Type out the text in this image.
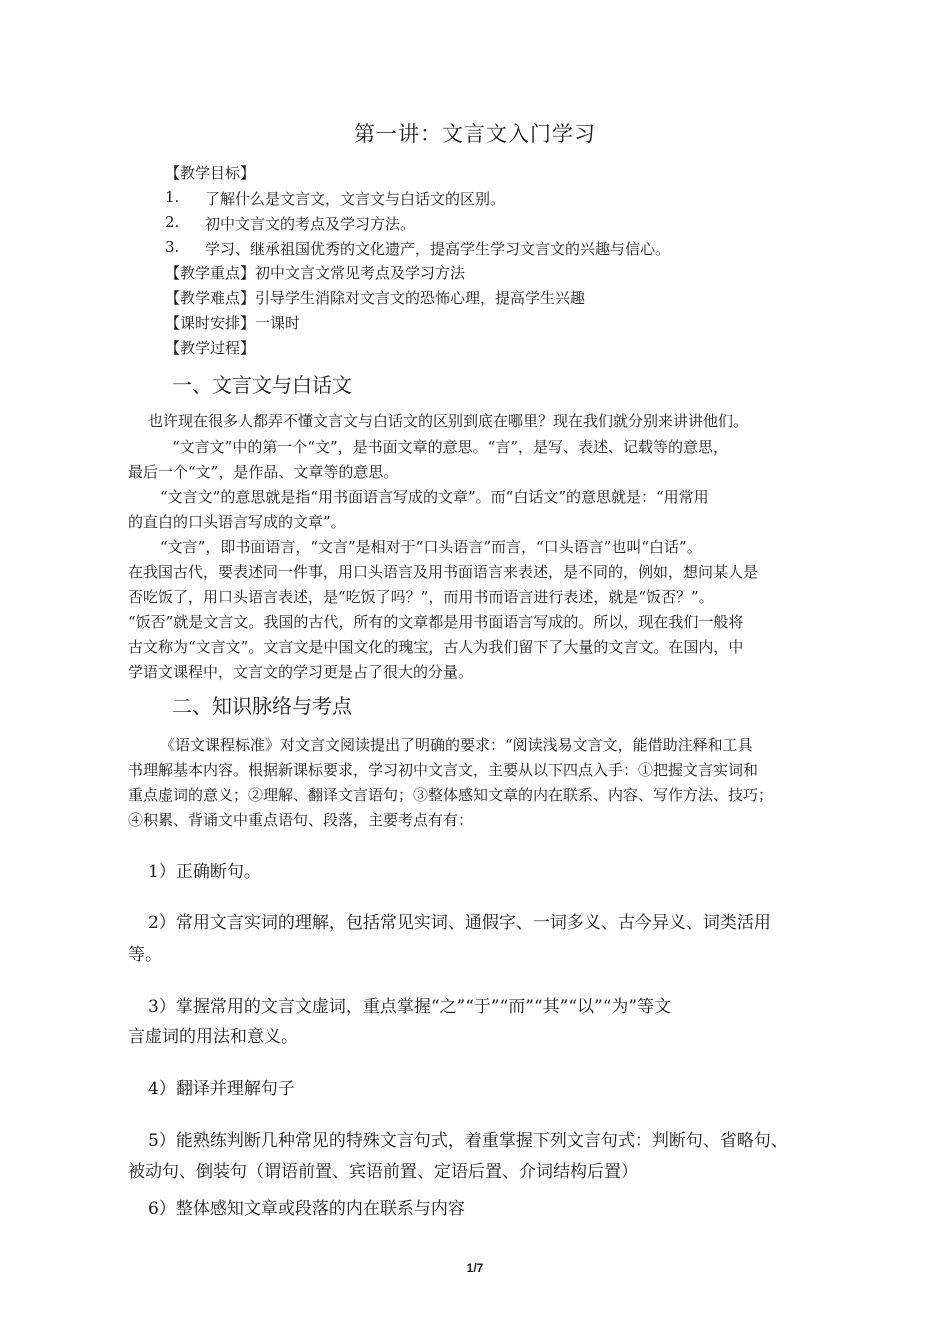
第一讲：文言文入门学习
【教学目标】
1. 了解什么是文言文，文言文与白话文的区别。
2. 初中文言文的考点及学习方法。
3. 学习、继承祖国优秀的文化遗产，提高学生学习文言文的兴趣与信心。
【教学重点】初中文言文常见考点及学习方法
【教学难点】引导学生消除对文言文的恐怖心理，提高学生兴趣
【课时安排】一课时
【教学过程】
一、文言文与白话文
也许现在很多人都弄不懂文言文与白话文的区别到底在哪里？现在我们就分别来讲讲他们。
“文言文”中的第一个“文”，是书面文章的意思。“言”，是写、表述、记载等的意思，
最后一个“文”，是作品、文章等的意思。
“文言文”的意思就是指“用书面语言写成的文章”。而“白话文”的意思就是：“用常用
的直白的口头语言写成的文章”。
“文言”，即书面语言，“文言”是相对于“口头语言”而言，“口头语言”也叫“白话”。
在我国古代，要表述同一件事，用口头语言及用书面语言来表述，是不同的，例如，想问某人是
否吃饭了，用口头语言表述，是“吃饭了吗？”，而用书而语言进行表述，就是“饭否？”。
“饭否”就是文言文。我国的古代，所有的文章都是用书面语言写成的。所以，现在我们一般将
古文称为“文言文”。文言文是中国文化的瑰宝，古人为我们留下了大量的文言文。在国内，中
学语文课程中，文言文的学习更是占了很大的分量。
二、知识脉络与考点
《语文课程标准》对文言文阅读提出了明确的要求：“阅读浅易文言文，能借助注释和工具
书理解基本内容。根据新课标要求，学习初中文言文，主要从以下四点入手：①把握文言实词和
重点虚词的意义；②理解、翻译文言语句；③整体感知文章的内在联系、内容、写作方法、技巧；
④积累、背诵文中重点语句、段落，主要考点有有：
1）正确断句。
2）常用文言实词的理解，包括常见实词、通假字、一词多义、古今异义、词类活用
等。
3）掌握常用的文言文虚词，重点掌握“之”“于”“而”“其”“以”“为”等文
言虚词的用法和意义。
4）翻译并理解句子
5）能熟练判断几种常见的特殊文言句式，着重掌握下列文言句式：判断句、省略句、
被动句、倒装句（谓语前置、宾语前置、定语后置、介词结构后置）
6）整体感知文章或段落的内在联系与内容
1/7
